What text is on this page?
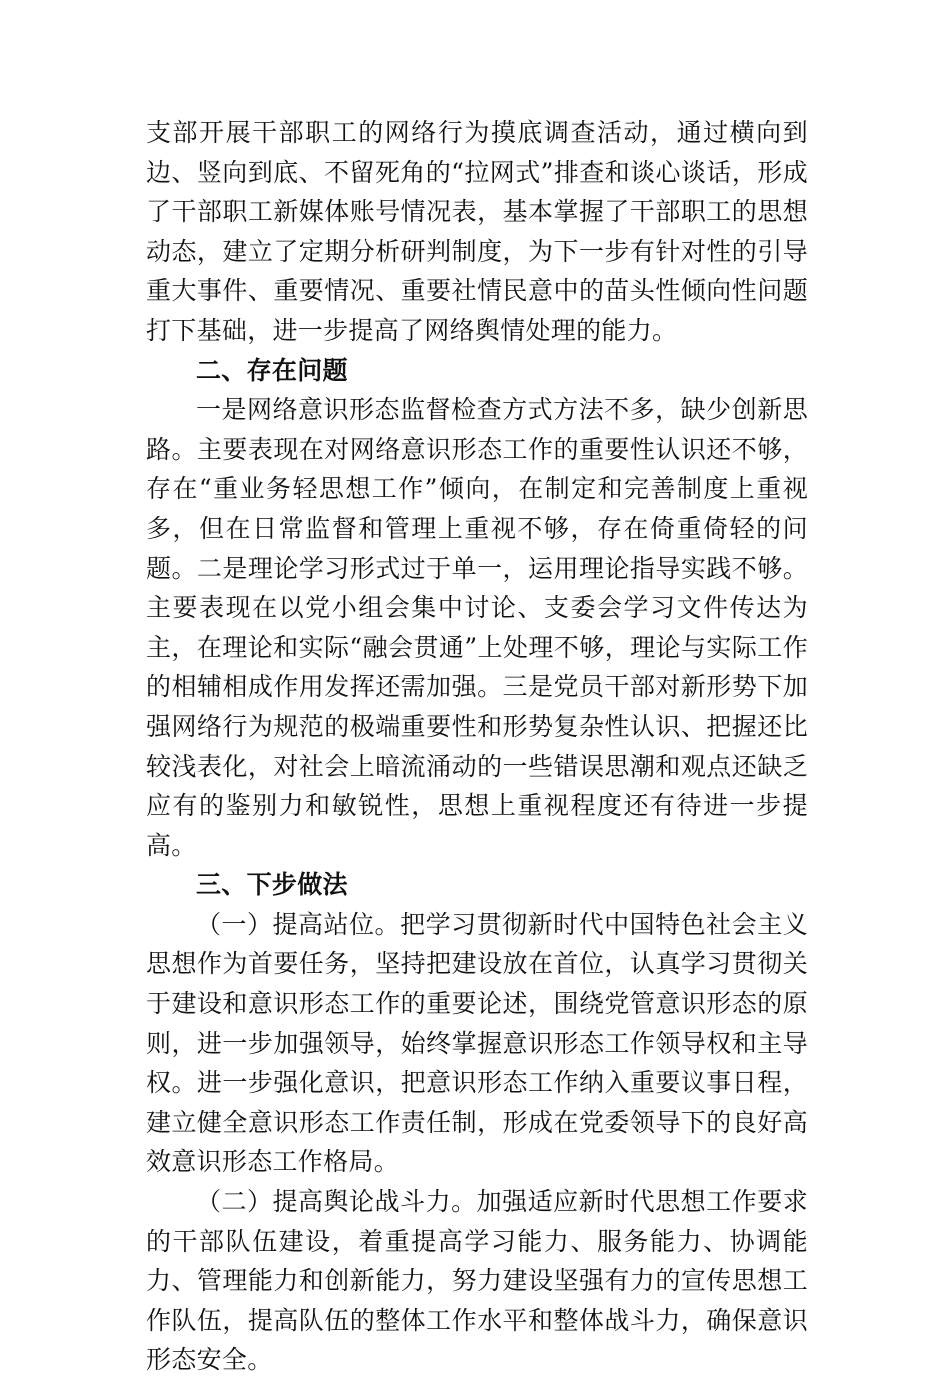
支部开展干部职工的网络行为摸底调查活动，通过横向到边、竖向到底、不留死角的“拉网式”排查和谈心谈话，形成了干部职工新媒体账号情况表，基本掌握了干部职工的思想动态，建立了定期分析研判制度，为下一步有针对性的引导重大事件、重要情况、重要社情民意中的苗头性倾向性问题打下基础，进一步提高了网络舆情处理的能力。

二、存在问题

一是网络意识形态监督检查方式方法不多，缺少创新思路。主要表现在对网络意识形态工作的重要性认识还不够，存在“重业务轻思想工作”倾向，在制定和完善制度上重视多，但在日常监督和管理上重视不够，存在倚重倚轻的问题。二是理论学习形式过于单一，运用理论指导实践不够。主要表现在以党小组会集中讨论、支委会学习文件传达为主，在理论和实际“融会贯通”上处理不够，理论与实际工作的相辅相成作用发挥还需加强。三是党员干部对新形势下加强网络行为规范的极端重要性和形势复杂性认识、把握还比较浅表化，对社会上暗流涌动的一些错误思潮和观点还缺乏应有的鉴别力和敏锐性，思想上重视程度还有待进一步提高。

三、下步做法

（一）提高站位。把学习贯彻新时代中国特色社会主义思想作为首要任务，坚持把建设放在首位，认真学习贯彻关于建设和意识形态工作的重要论述，围绕党管意识形态的原则，进一步加强领导，始终掌握意识形态工作领导权和主导权。进一步强化意识，把意识形态工作纳入重要议事日程，建立健全意识形态工作责任制，形成在党委领导下的良好高效意识形态工作格局。

（二）提高舆论战斗力。加强适应新时代思想工作要求的干部队伍建设，着重提高学习能力、服务能力、协调能力、管理能力和创新能力，努力建设坚强有力的宣传思想工作队伍，提高队伍的整体工作水平和整体战斗力，确保意识形态安全。
